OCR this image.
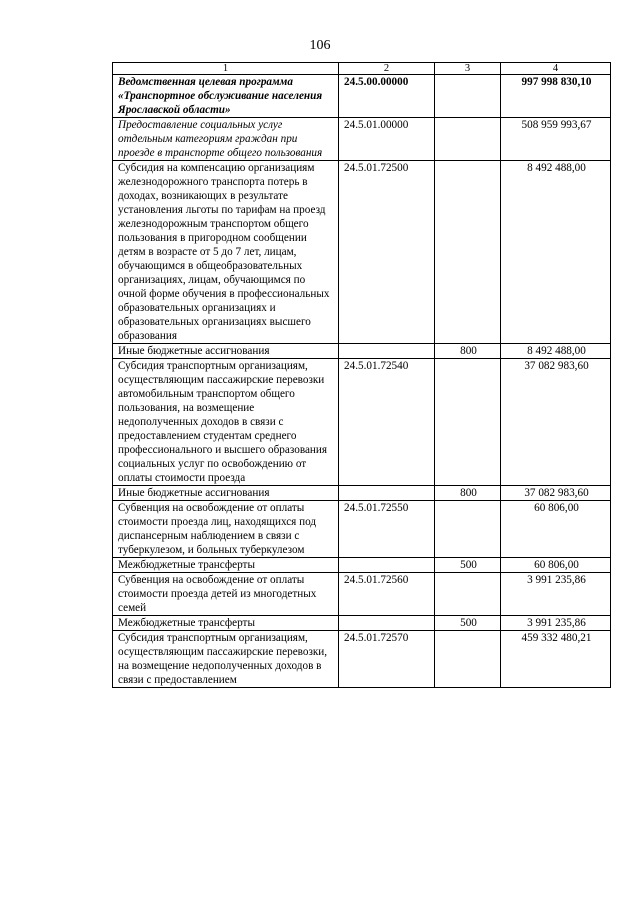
106
1	2	3	4
Ведомственная целевая программа «Транспортное обслуживание населения Ярославской области»	24.5.00.00000		997 998 830,10
Предоставление социальных услуг отдельным категориям граждан при проезде в транспорте общего пользования	24.5.01.00000		508 959 993,67
Субсидия на компенсацию организациям железнодорожного транспорта потерь в доходах, возникающих в результате установления льготы по тарифам на проезд железнодорожным транспортом общего пользования в пригородном сообщении детям в возрасте от 5 до 7 лет, лицам, обучающимся в общеобразовательных организациях, лицам, обучающимся по очной форме обучения в профессиональных образовательных организациях и образовательных организациях высшего образования	24.5.01.72500		8 492 488,00
Иные бюджетные ассигнования		800	8 492 488,00
Субсидия транспортным организациям, осуществляющим пассажирские перевозки автомобильным транспортом общего пользования, на возмещение недополученных доходов в связи с предоставлением студентам среднего профессионального и высшего образования социальных услуг по освобождению от оплаты стоимости проезда	24.5.01.72540		37 082 983,60
Иные бюджетные ассигнования		800	37 082 983,60
Субвенция на освобождение от оплаты стоимости проезда лиц, находящихся под диспансерным наблюдением в связи с туберкулезом, и больных туберкулезом	24.5.01.72550		60 806,00
Межбюджетные трансферты		500	60 806,00
Субвенция на освобождение от оплаты стоимости проезда детей из многодетных семей	24.5.01.72560		3 991 235,86
Межбюджетные трансферты		500	3 991 235,86
Субсидия транспортным организациям, осуществляющим пассажирские перевозки, на возмещение недополученных доходов в связи с предоставлением	24.5.01.72570		459 332 480,21
